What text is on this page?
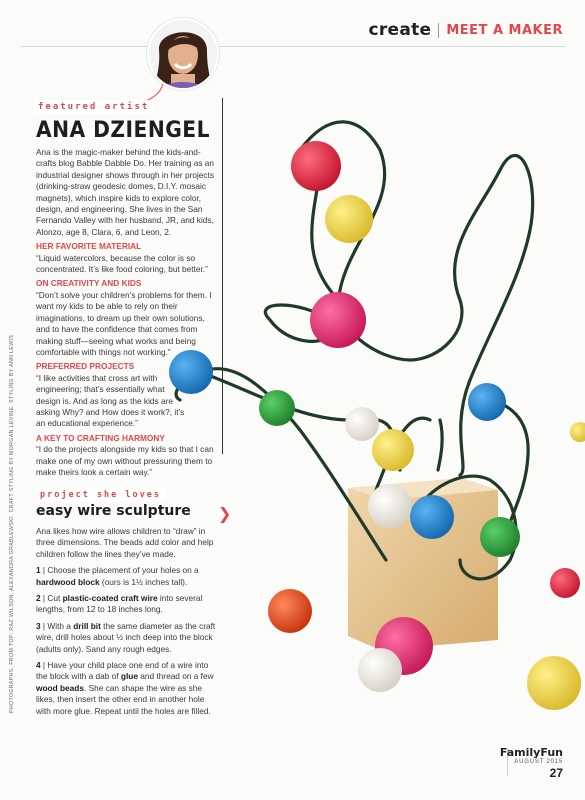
create MEET A MAKER
featured artist
ANA DZIENGEL

Ana is the magic-maker behind the kids-and-crafts blog Babble Dabble Do. Her training as an industrial designer shows through in her projects (drinking-straw geodesic domes, D.I.Y. mosaic magnets), which inspire kids to explore color, design, and engineering. She lives in the San Fernando Valley with her husband, JR, and kids, Alonzo, age 8, Clara, 6, and Leon, 2.

HER FAVORITE MATERIAL

“Liquid watercolors, because the color is so concentrated. It’s like food coloring, but better.”

ON CREATIVITY AND KIDS

“Don’t solve your children’s problems for them. I want my kids to be able to rely on their imaginations, to dream up their own solutions, and to have the confidence that comes from making stuff—seeing what works and being comfortable with things not working.”

PREFERRED PROJECTS

“I like activities that cross art with engineering; that’s essentially what design is. And as long as the kids are asking Why? and How does it work?, it’s an educational experience.”

A KEY TO CRAFTING HARMONY

“I do the projects alongside my kids so that I can make one of my own without pressuring them to make theirs look a certain way.”

project she loves
easy wire sculpture ❯

Ana likes how wire allows children to “draw” in three dimensions. The beads add color and help children follow the lines they’ve made.

1 | Choose the placement of your holes on a hardwood block (ours is 1½ inches tall).

2 | Cut plastic-coated craft wire into several lengths, from 12 to 18 inches long.

3 | With a drill bit the same diameter as the craft wire, drill holes about ½ inch deep into the block (adults only). Sand any rough edges.

4 | Have your child place one end of a wire into the block with a dab of glue and thread on a few wood beads. She can shape the wire as she likes, then insert the other end in another hole with more glue. Repeat until the holes are filled.

PHOTOGRAPHS, FROM TOP: RAZ WILSON; ALEXANDRA GRABLEWSKI. CRAFT STYLING BY MORGAN LEVINE. STYLING BY ANN LEWIS
FamilyFun
AUGUST 2015
27
